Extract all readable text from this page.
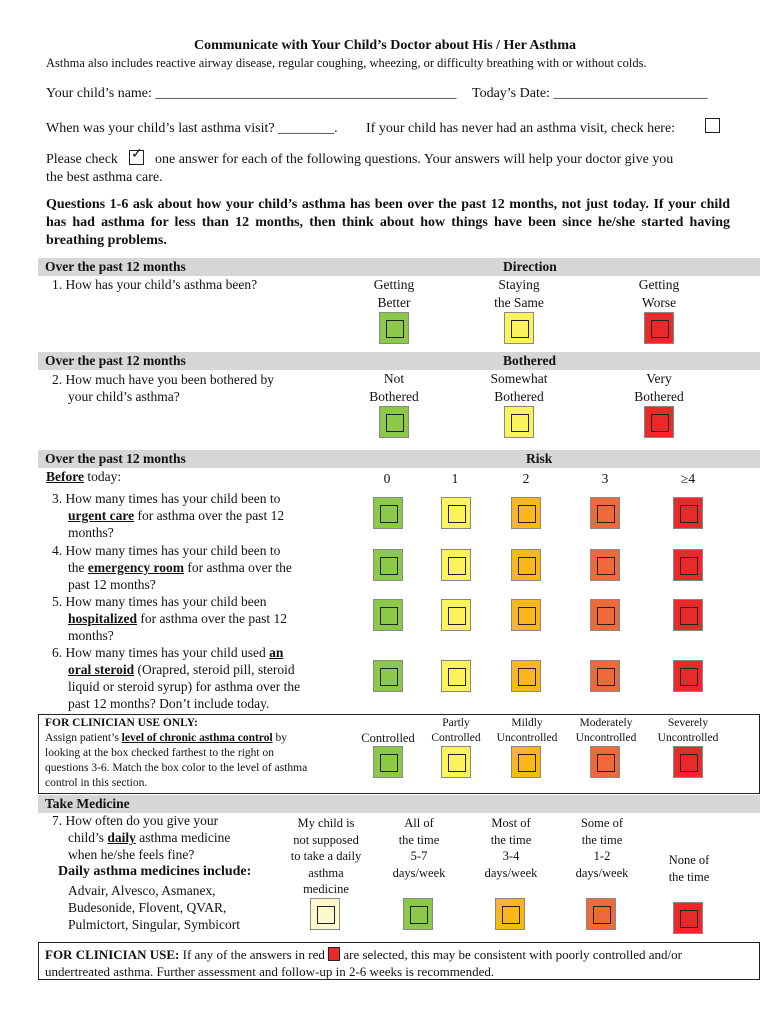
Communicate with Your Child’s Doctor about His / Her Asthma
Asthma also includes reactive airway disease, regular coughing, wheezing, or difficulty breathing with or without colds.
Your child’s name: ___________________________________________ Today’s Date: ______________________
When was your child’s last asthma visit? ________. If your child has never had an asthma visit, check here:
Please check
✓	one answer for each of the following questions. Your answers will help your doctor give you
the best asthma care.
Questions 1-6 ask about how your child’s asthma has been over the past 12 months, not just today. If your child has had asthma for less than 12 months, then think about how things have been since he/she started having breathing problems.
Over the past 12 months	Direction
1. How has your child’s asthma been?	Getting
Better
Staying
the Same
Getting
Worse
Over the past 12 months	Bothered
2. How much have you been bothered by
your child’s asthma?
Not
Bothered
Somewhat
Bothered
Very
Bothered
Over the past 12 months	Risk
Before today:	0	1	2	3	≥4
3. How many times has your child been to
urgent care for asthma over the past 12
months?
4. How many times has your child been to
the emergency room for asthma over the
past 12 months?
5. How many times has your child been
hospitalized for asthma over the past 12
months?
6. How many times has your child used an
oral steroid (Orapred, steroid pill, steroid
liquid or steroid syrup) for asthma over the
past 12 months? Don’t include today.
FOR CLINICIAN USE ONLY:
Assign patient’s level of chronic asthma control by
looking at the box checked farthest to the right on
questions 3-6. Match the box color to the level of asthma
control in this section.
Controlled
Partly
Controlled
Mildly
Uncontrolled
Moderately
Uncontrolled
Severely
Uncontrolled
Take Medicine
7. How often do you give your
child’s daily asthma medicine
when he/she feels fine?
Daily asthma medicines include:
Advair, Alvesco, Asmanex,
Budesonide, Flovent, QVAR,
Pulmictort, Singular, Symbicort
My child is
not supposed
to take a daily
asthma
medicine
All of
the time
5-7
days/week
Most of
the time
3-4
days/week
Some of
the time
1-2
days/week
None of
the time
FOR CLINICIAN USE: If any of the answers in red  are selected, this may be consistent with poorly controlled and/or
undertreated asthma. Further assessment and follow-up in 2-6 weeks is recommended.
